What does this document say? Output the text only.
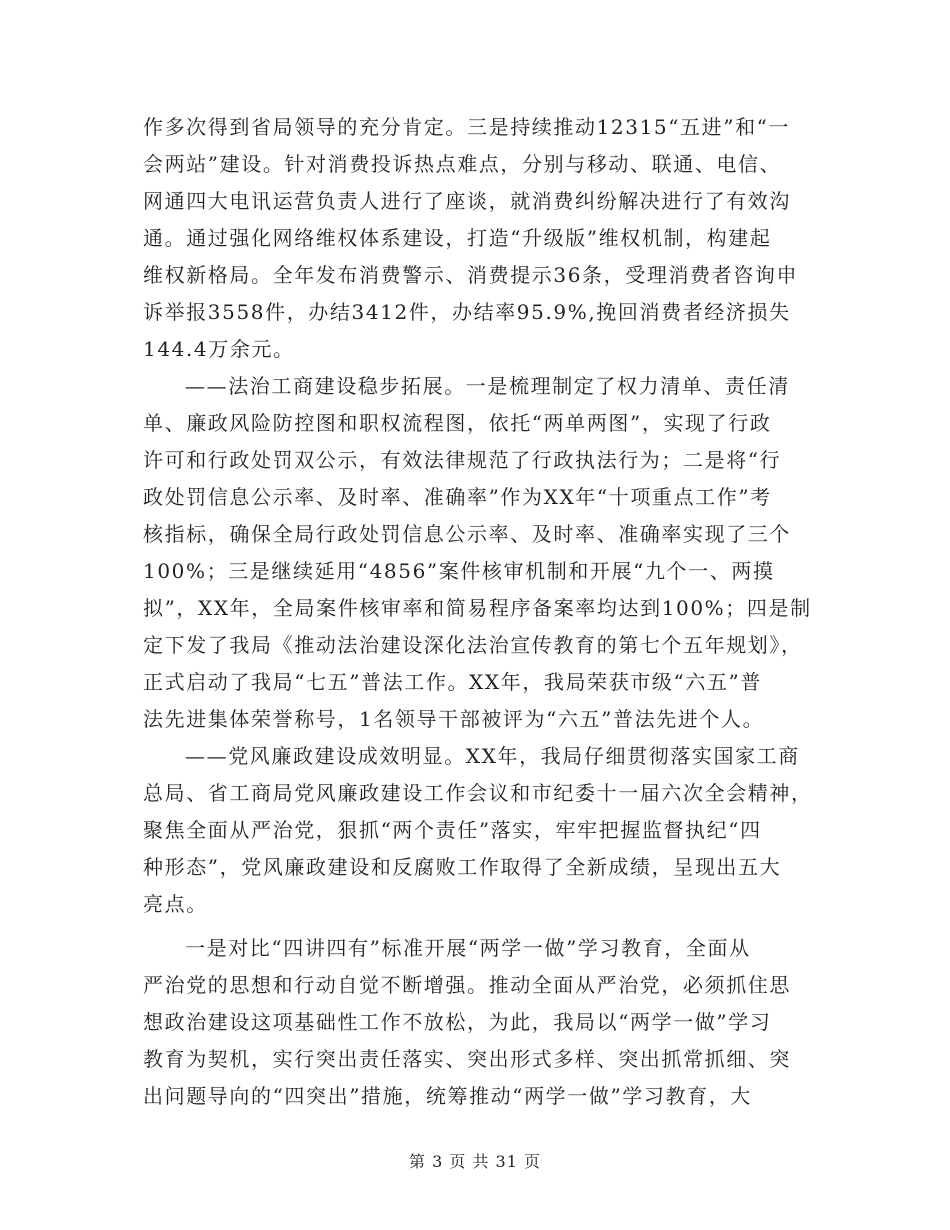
作多次得到省局领导的充分肯定。三是持续推动12315“五进”和“一
会两站”建设。针对消费投诉热点难点，分别与移动、联通、电信、
网通四大电讯运营负责人进行了座谈，就消费纠纷解决进行了有效沟
通。通过强化网络维权体系建设，打造“升级版”维权机制，构建起
维权新格局。全年发布消费警示、消费提示36条，受理消费者咨询申
诉举报3558件，办结3412件，办结率95.9%,挽回消费者经济损失
144.4万余元。
——法治工商建设稳步拓展。一是梳理制定了权力清单、责任清
单、廉政风险防控图和职权流程图，依托“两单两图”，实现了行政
许可和行政处罚双公示，有效法律规范了行政执法行为；二是将“行
政处罚信息公示率、及时率、准确率”作为XX年“十项重点工作”考
核指标，确保全局行政处罚信息公示率、及时率、准确率实现了三个
100%；三是继续延用“4856”案件核审机制和开展“九个一、两摸
拟”，XX年，全局案件核审率和简易程序备案率均达到100%；四是制
定下发了我局《推动法治建设深化法治宣传教育的第七个五年规划》，
正式启动了我局“七五”普法工作。XX年，我局荣获市级“六五”普
法先进集体荣誉称号，1名领导干部被评为“六五”普法先进个人。
——党风廉政建设成效明显。XX年，我局仔细贯彻落实国家工商
总局、省工商局党风廉政建设工作会议和市纪委十一届六次全会精神，
聚焦全面从严治党，狠抓“两个责任”落实，牢牢把握监督执纪“四
种形态”，党风廉政建设和反腐败工作取得了全新成绩，呈现出五大
亮点。
一是对比“四讲四有”标准开展“两学一做”学习教育，全面从
严治党的思想和行动自觉不断增强。推动全面从严治党，必须抓住思
想政治建设这项基础性工作不放松，为此，我局以“两学一做”学习
教育为契机，实行突出责任落实、突出形式多样、突出抓常抓细、突
出问题导向的“四突出”措施，统筹推动“两学一做”学习教育，大
第 3 页 共 31 页
